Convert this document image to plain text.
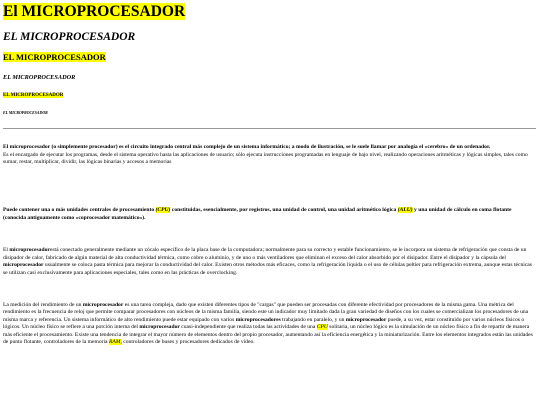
El MICROPROCESADOR
EL MICROPROCESADOR
EL MICROPROCESADOR
EL MICROPROCESADOR
EL MICROPROCESADOR
EL MICROPROCESADOR

El microprocesador (o simplemente procesador) es el circuito integrado central más complejo de un sistema informático; a modo de ilustración, se le suele llamar por analogía el «cerebro» de un ordenador.
Es el encargado de ejecutar los programas, desde el sistema operativo hasta las aplicaciones de usuario; sólo ejecuta instrucciones programadas en lenguaje de bajo nivel, realizando operaciones aritméticas y lógicas simples, tales como sumar, restar, multiplicar, dividir, las lógicas binarias y accesos a memorias

Puede contener una o más unidades centrales de procesamiento (CPU) constituidas, esencialmente, por registros, una unidad de control, una unidad aritmético lógica (ALU) y una unidad de cálculo en coma flotante (conocida antiguamente como «coprocesador matemático»).

El microprocesadorestá conectado generalmente mediante un zócalo específico de la placa base de la computadora; normalmente para su correcto y estable funcionamiento, se le incorpora un sistema de refrigeración que consta de un disipador de calor, fabricado de algún material de alta conductividad térmica, como cobre o aluminio, y de uno o más ventiladores que eliminan el exceso del calor absorbido por el disipador. Entre el disipador y la cápsula del microprocesador usualmente se coloca pasta térmica para mejorar la conductividad del calor. Existen otros métodos más eficaces, como la refrigeración líquida o el uso de células peltier para refrigeración extrema, aunque estas técnicas se utilizan casi exclusivamente para aplicaciones especiales, tales como en las prácticas de overclocking.

La medición del rendimiento de un microprocesador es una tarea compleja, dado que existen diferentes tipos de "cargas" que pueden ser procesadas con diferente efectividad por procesadores de la misma gama. Una métrica del rendimiento es la frecuencia de reloj que permite comparar procesadores con núcleos de la misma familia, siendo este un indicador muy limitado dada la gran variedad de diseños con los cuales se comercializan los procesadores de una misma marca y referencia. Un sistema informático de alto rendimiento puede estar equipado con varios microprocesadores trabajando en paralelo, y un microprocesador puede, a su vez, estar constituido por varios núcleos físicos o lógicos. Un núcleo físico se refiere a una porción interna del microprocesador cuasi-independiente que realiza todas las actividades de una CPU solitaria, un núcleo lógico es la simulación de un núcleo físico a fin de repartir de manera más eficiente el procesamiento. Existe una tendencia de integrar el mayor número de elementos dentro del propio procesador, aumentando así la eficiencia energética y la miniaturización. Entre los elementos integrados están las unidades de punto flotante, controladores de la memoria RAM, controladores de buses y procesadores dedicados de vídeo.
